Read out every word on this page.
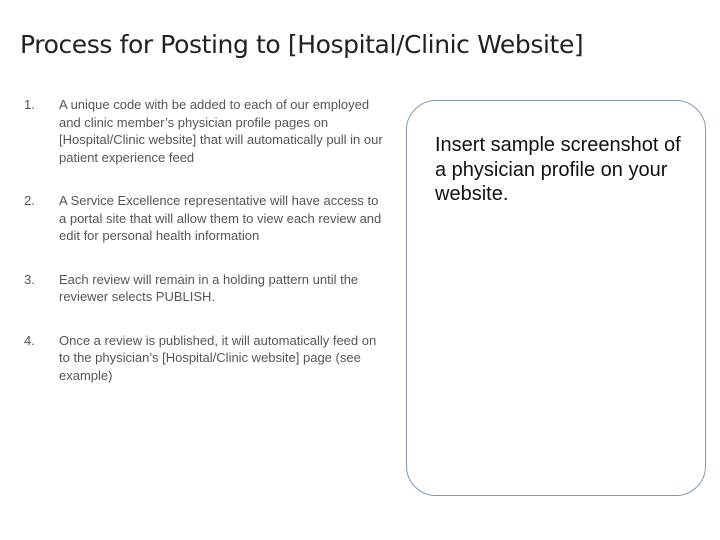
Process for Posting to [Hospital/Clinic Website]
1.	A unique code with be added to each of our employed and clinic member’s physician profile pages on [Hospital/Clinic website] that will automatically pull in our patient experience feed
2.	A Service Excellence representative will have access to a portal site that will allow them to view each review and edit for personal health information
3.	Each review will remain in a holding pattern until the reviewer selects PUBLISH.
4.	Once a review is published, it will automatically feed on to the physician’s [Hospital/Clinic website] page (see example)

Insert sample screenshot of a physician profile on your website.
